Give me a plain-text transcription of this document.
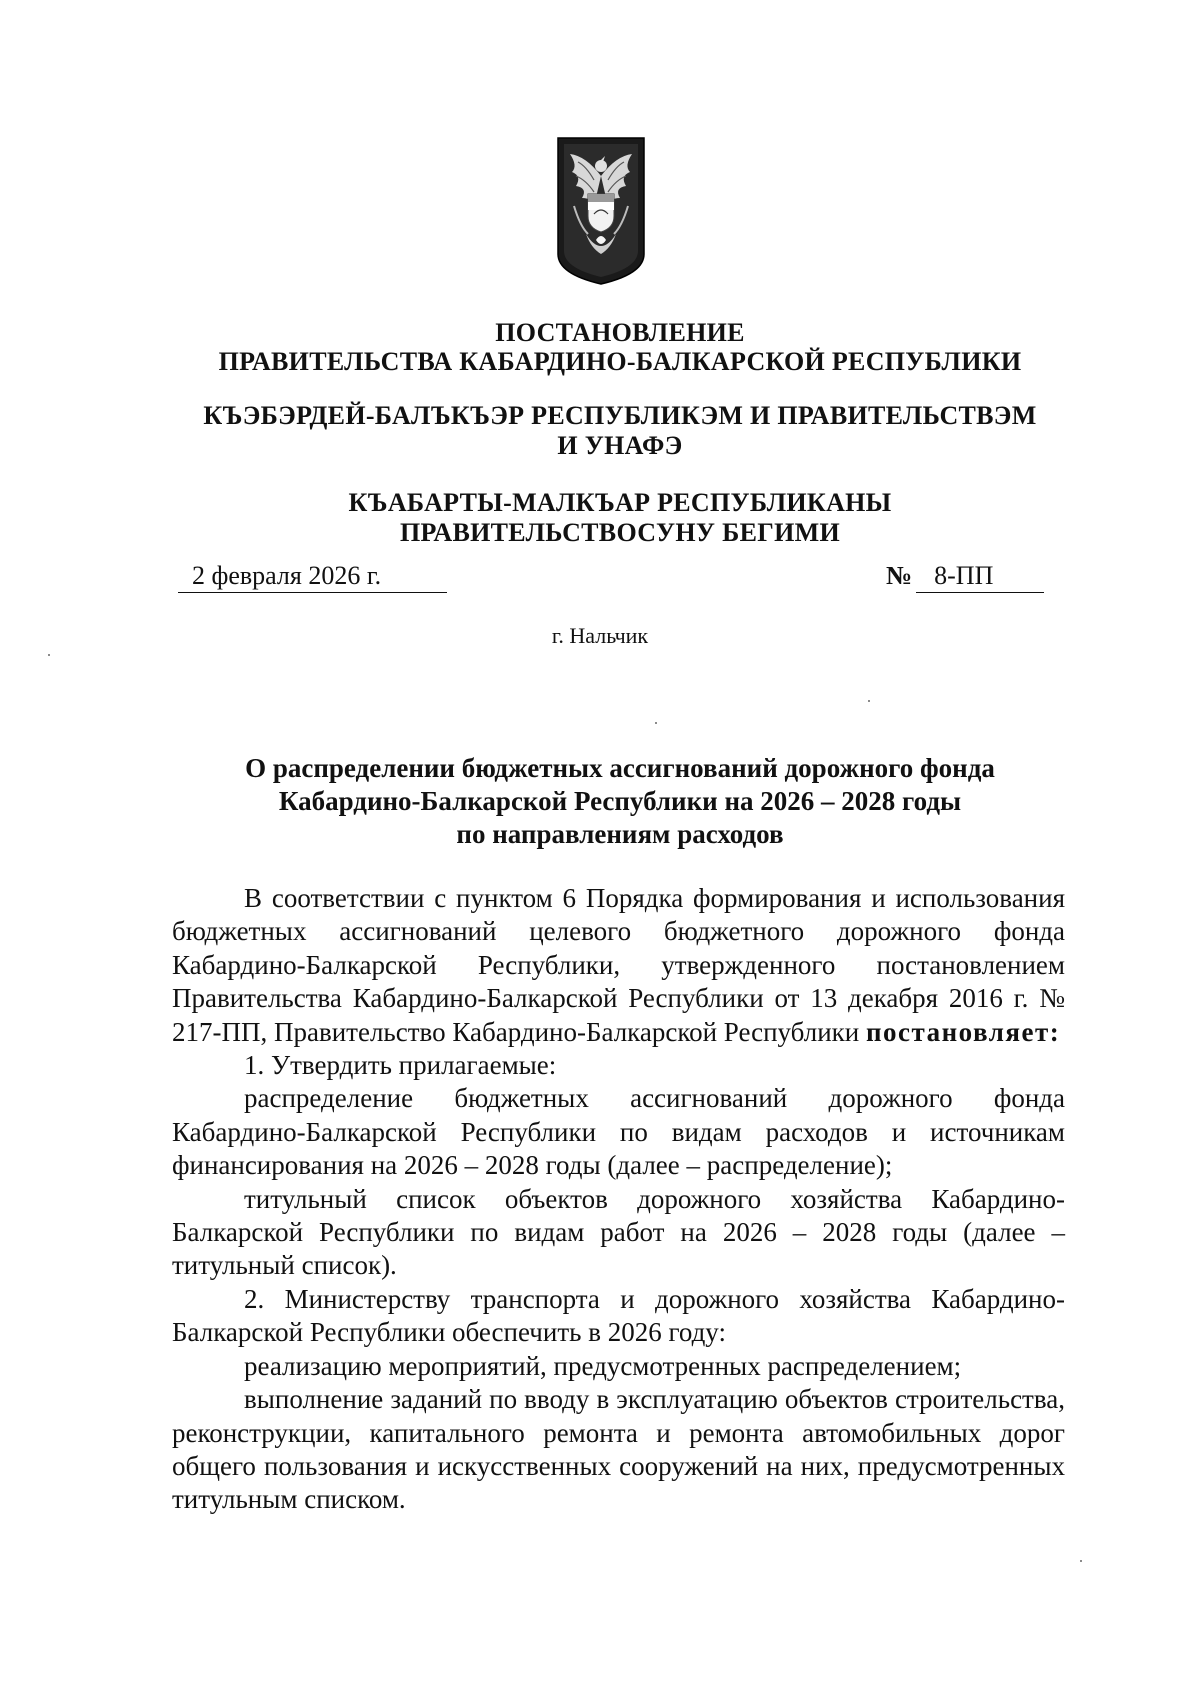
ПОСТАНОВЛЕНИЕ
ПРАВИТЕЛЬСТВА КАБАРДИНО-БАЛКАРСКОЙ РЕСПУБЛИКИ
КЪЭБЭРДЕЙ-БАЛЪКЪЭР РЕСПУБЛИКЭМ И ПРАВИТЕЛЬСТВЭМ И УНАФЭ
КЪАБАРТЫ-МАЛКЪАР РЕСПУБЛИКАНЫ ПРАВИТЕЛЬСТВОСУНУ БЕГИМИ
2 февраля 2026 г.	№ 8-ПП
г. Нальчик
О распределении бюджетных ассигнований дорожного фонда
Кабардино-Балкарской Республики на 2026 – 2028 годы
по направлениям расходов

В соответствии с пунктом 6 Порядка формирования и использования бюджетных ассигнований целевого бюджетного дорожного фонда Кабардино-Балкарской Республики, утвержденного постановлением Правительства Кабардино-Балкарской Республики от 13 декабря 2016 г. № 217-ПП, Правительство Кабардино-Балкарской Республики постановляет:

1. Утвердить прилагаемые:

распределение бюджетных ассигнований дорожного фонда Кабардино-Балкарской Республики по видам расходов и источникам финансирования на 2026 – 2028 годы (далее – распределение);

титульный список объектов дорожного хозяйства Кабардино-Балкарской Республики по видам работ на 2026 – 2028 годы (далее – титульный список).

2. Министерству транспорта и дорожного хозяйства Кабардино-Балкарской Республики обеспечить в 2026 году:

реализацию мероприятий, предусмотренных распределением;

выполнение заданий по вводу в эксплуатацию объектов строительства, реконструкции, капитального ремонта и ремонта автомобильных дорог общего пользования и искусственных сооружений на них, предусмотренных титульным списком.
